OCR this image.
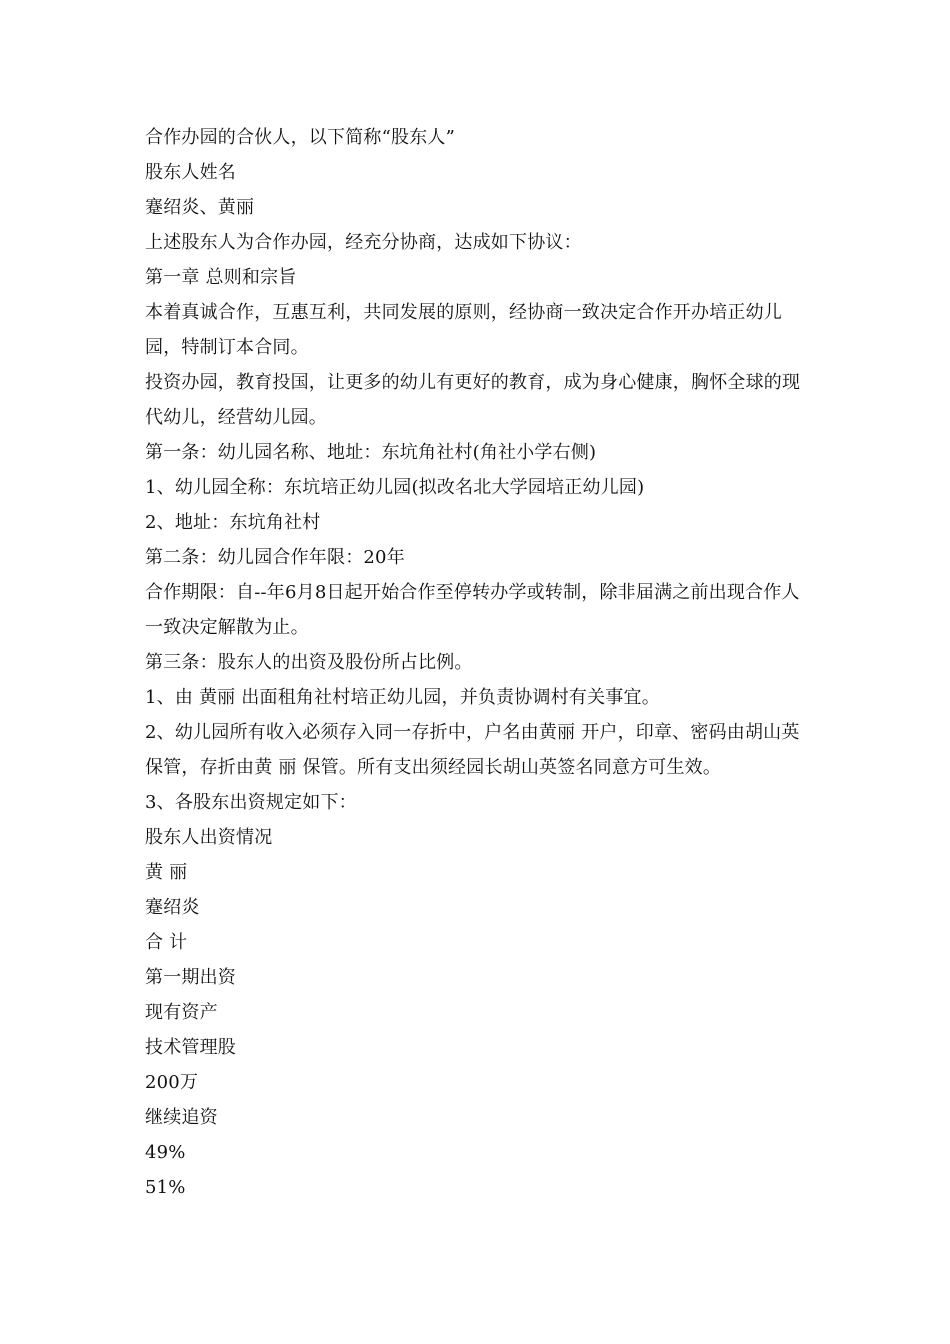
合作办园的合伙人，以下简称“股东人”

股东人姓名

蹇绍炎、黄丽

上述股东人为合作办园，经充分协商，达成如下协议：

第一章 总则和宗旨

本着真诚合作，互惠互利，共同发展的原则，经协商一致决定合作开办培正幼儿园，特制订本合同。

投资办园，教育投国，让更多的幼儿有更好的教育，成为身心健康，胸怀全球的现代幼儿，经营幼儿园。

第一条：幼儿园名称、地址：东坑角社村(角社小学右侧)

1、幼儿园全称：东坑培正幼儿园(拟改名北大学园培正幼儿园)

2、地址：东坑角社村

第二条：幼儿园合作年限：20年

合作期限：自--年6月8日起开始合作至停转办学或转制，除非届满之前出现合作人一致决定解散为止。

第三条：股东人的出资及股份所占比例。

1、由 黄丽 出面租角社村培正幼儿园，并负责协调村有关事宜。

2、幼儿园所有收入必须存入同一存折中，户名由黄丽 开户，印章、密码由胡山英保管，存折由黄 丽 保管。所有支出须经园长胡山英签名同意方可生效。

3、各股东出资规定如下：

股东人出资情况

黄 丽

蹇绍炎

合 计

第一期出资

现有资产

技术管理股

200万

继续追资

49%

51%
